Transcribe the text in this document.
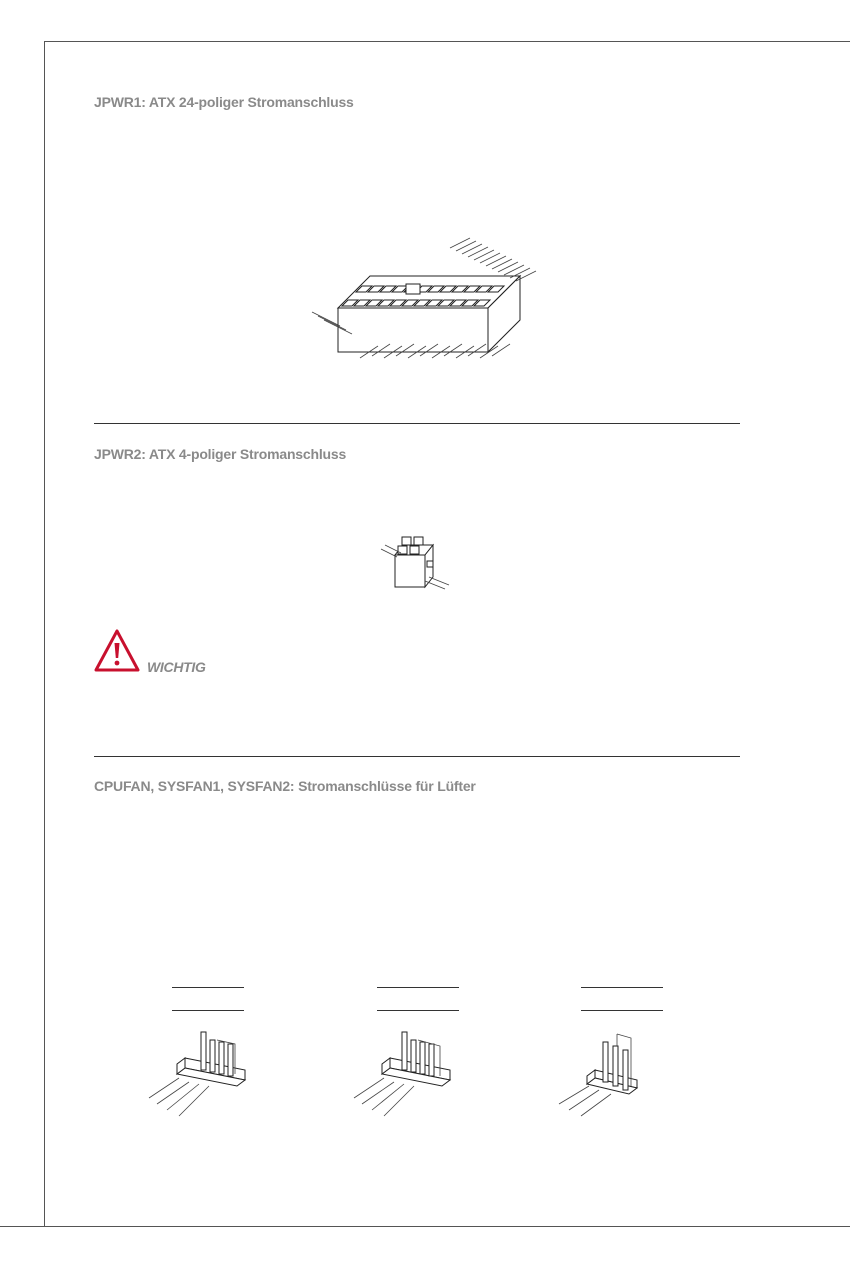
JPWR1: ATX 24-poliger Stromanschluss
JPWR2: ATX 4-poliger Stromanschluss
WICHTIG
CPUFAN, SYSFAN1, SYSFAN2: Stromanschlüsse für Lüfter
